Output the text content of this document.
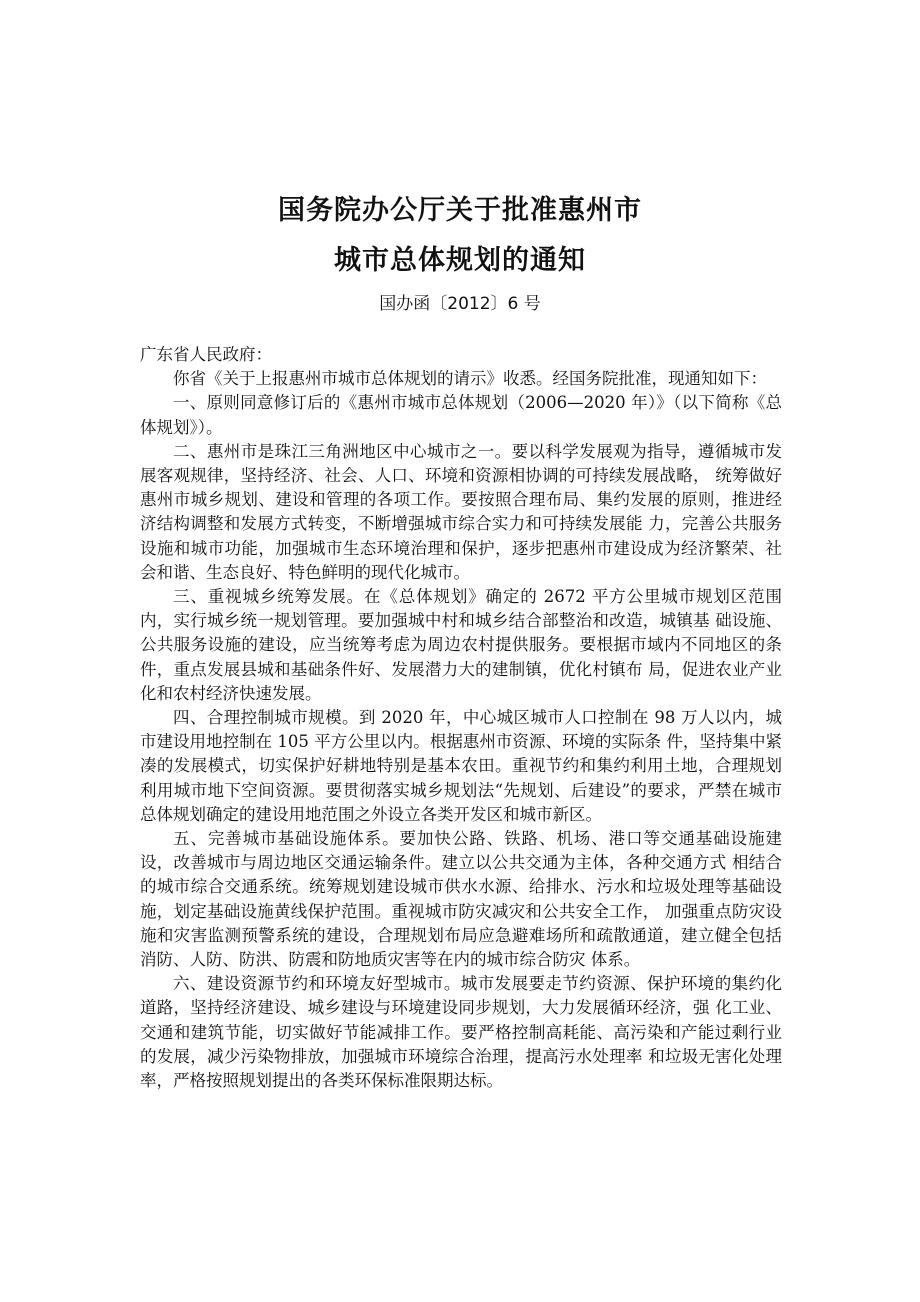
国务院办公厅关于批准惠州市
城市总体规划的通知

国办函〔2012〕6 号

广东省人民政府：

你省《关于上报惠州市城市总体规划的请示》收悉。经国务院批准，现通知如下：

一、原则同意修订后的《惠州市城市总体规划（2006—2020 年）》（以下简称《总体规划》）。

二、惠州市是珠江三角洲地区中心城市之一。要以科学发展观为指导，遵循城市发展客观规律，坚持经济、社会、人口、环境和资源相协调的可持续发展战略， 统筹做好惠州市城乡规划、建设和管理的各项工作。要按照合理布局、集约发展的原则，推进经济结构调整和发展方式转变，不断增强城市综合实力和可持续发展能 力，完善公共服务设施和城市功能，加强城市生态环境治理和保护，逐步把惠州市建设成为经济繁荣、社会和谐、生态良好、特色鲜明的现代化城市。

三、重视城乡统筹发展。在《总体规划》确定的 2672 平方公里城市规划区范围内，实行城乡统一规划管理。要加强城中村和城乡结合部整治和改造，城镇基 础设施、公共服务设施的建设，应当统筹考虑为周边农村提供服务。要根据市域内不同地区的条件，重点发展县城和基础条件好、发展潜力大的建制镇，优化村镇布 局，促进农业产业化和农村经济快速发展。

四、合理控制城市规模。到 2020 年，中心城区城市人口控制在 98 万人以内，城市建设用地控制在 105 平方公里以内。根据惠州市资源、环境的实际条 件，坚持集中紧凑的发展模式，切实保护好耕地特别是基本农田。重视节约和集约利用土地，合理规划利用城市地下空间资源。要贯彻落实城乡规划法“先规划、后建设”的要求，严禁在城市总体规划确定的建设用地范围之外设立各类开发区和城市新区。

五、完善城市基础设施体系。要加快公路、铁路、机场、港口等交通基础设施建设，改善城市与周边地区交通运输条件。建立以公共交通为主体，各种交通方式 相结合的城市综合交通系统。统筹规划建设城市供水水源、给排水、污水和垃圾处理等基础设施，划定基础设施黄线保护范围。重视城市防灾减灾和公共安全工作， 加强重点防灾设施和灾害监测预警系统的建设，合理规划布局应急避难场所和疏散通道，建立健全包括消防、人防、防洪、防震和防地质灾害等在内的城市综合防灾 体系。

六、建设资源节约和环境友好型城市。城市发展要走节约资源、保护环境的集约化道路，坚持经济建设、城乡建设与环境建设同步规划，大力发展循环经济，强 化工业、交通和建筑节能，切实做好节能减排工作。要严格控制高耗能、高污染和产能过剩行业的发展，减少污染物排放，加强城市环境综合治理，提高污水处理率 和垃圾无害化处理率，严格按照规划提出的各类环保标准限期达标。
